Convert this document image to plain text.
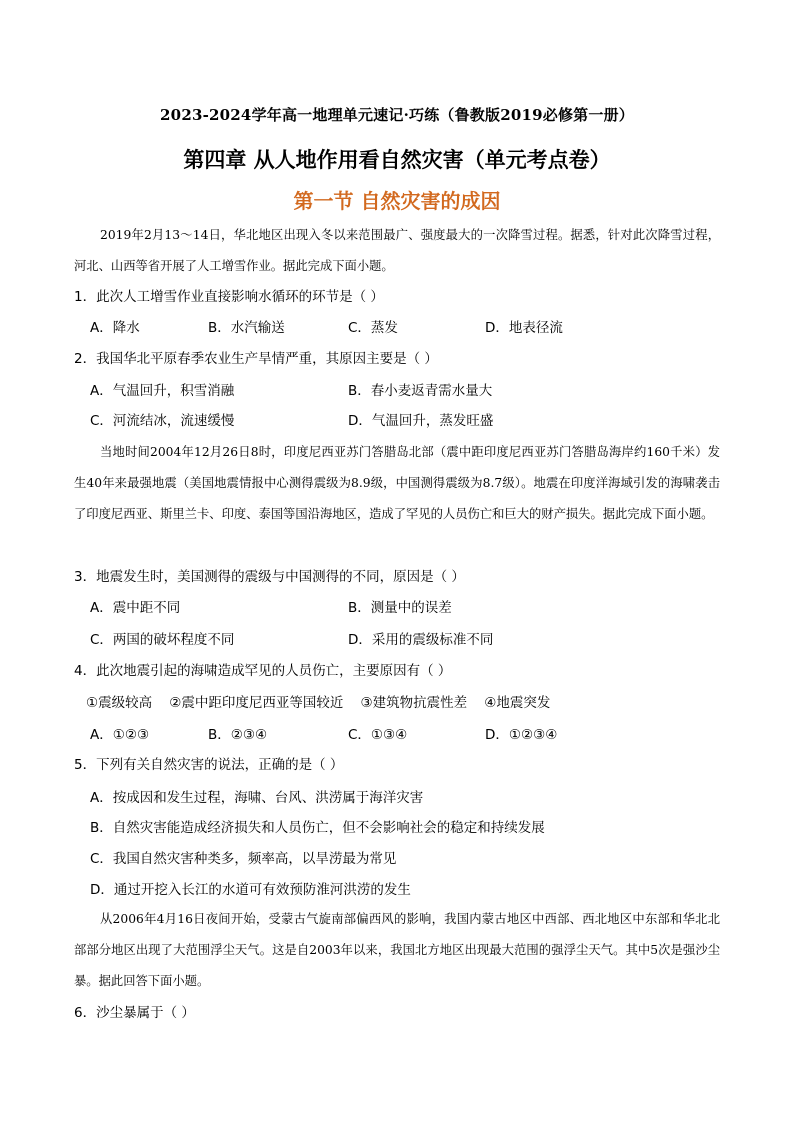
2023-2024学年高一地理单元速记·巧练（鲁教版2019必修第一册）
第四章 从人地作用看自然灾害（单元考点卷）
第一节 自然灾害的成因
2019年2月13～14日，华北地区出现入冬以来范围最广、强度最大的一次降雪过程。据悉，针对此次降雪过程，河北、山西等省开展了人工增雪作业。据此完成下面小题。
1．此次人工增雪作业直接影响水循环的环节是（ ）
A．降水	B．水汽输送	C．蒸发	D．地表径流
2．我国华北平原春季农业生产旱情严重，其原因主要是（ ）
A．气温回升，积雪消融	B．春小麦返青需水量大
C．河流结冰，流速缓慢	D．气温回升，蒸发旺盛
当地时间2004年12月26日8时，印度尼西亚苏门答腊岛北部（震中距印度尼西亚苏门答腊岛海岸约160千米）发生40年来最强地震（美国地震情报中心测得震级为8.9级，中国测得震级为8.7级）。地震在印度洋海域引发的海啸袭击了印度尼西亚、斯里兰卡、印度、泰国等国沿海地区，造成了罕见的人员伤亡和巨大的财产损失。据此完成下面小题。
3．地震发生时，美国测得的震级与中国测得的不同，原因是（ ）
A．震中距不同	B．测量中的误差
C．两国的破坏程度不同	D．采用的震级标准不同
4．此次地震引起的海啸造成罕见的人员伤亡，主要原因有（ ）
①震级较高    ②震中距印度尼西亚等国较近    ③建筑物抗震性差    ④地震突发
A．①②③	B．②③④	C．①③④	D．①②③④
5．下列有关自然灾害的说法，正确的是（ ）
A．按成因和发生过程，海啸、台风、洪涝属于海洋灾害
B．自然灾害能造成经济损失和人员伤亡，但不会影响社会的稳定和持续发展
C．我国自然灾害种类多，频率高，以旱涝最为常见
D．通过开挖入长江的水道可有效预防淮河洪涝的发生
从2006年4月16日夜间开始，受蒙古气旋南部偏西风的影响，我国内蒙古地区中西部、西北地区中东部和华北北部部分地区出现了大范围浮尘天气。这是自2003年以来，我国北方地区出现最大范围的强浮尘天气。其中5次是强沙尘暴。据此回答下面小题。
6．沙尘暴属于（ ）
